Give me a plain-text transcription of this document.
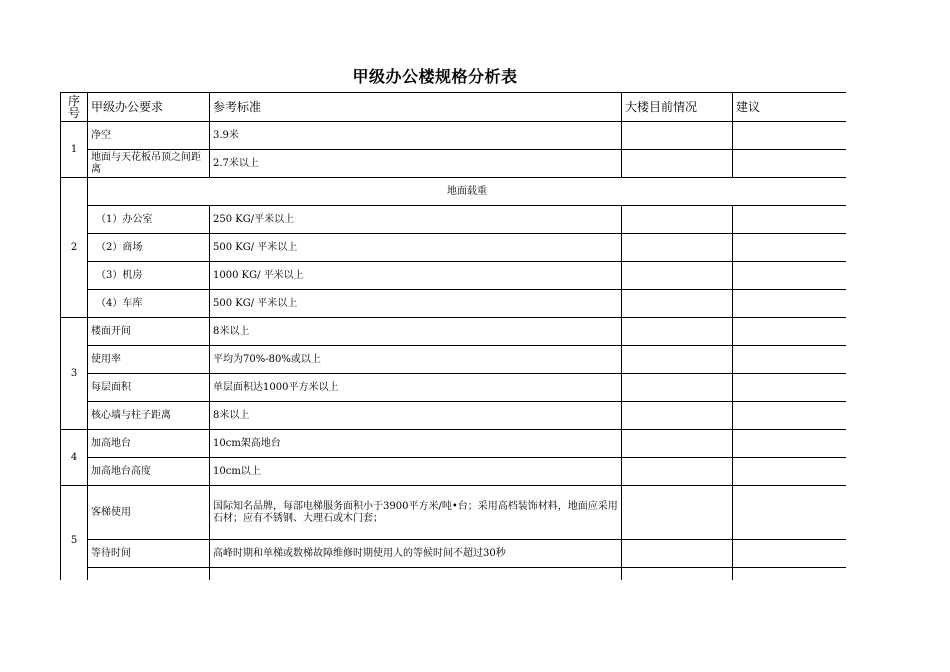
甲级办公楼规格分析表
序号	甲级办公要求	参考标准	大楼目前情况	建议
1	净空	3.9米		
	地面与天花板吊顶之间距离	2.7米以上		
2	地面载重			
	（1）办公室	250 KG/平米以上		
	（2）商场	500 KG/ 平米以上		
	（3）机房	1000 KG/ 平米以上		
	（4）车库	500 KG/ 平米以上		
3	楼面开间	8米以上		
	使用率	平均为70%-80%或以上		
	每层面积	单层面积达1000平方米以上		
	核心墙与柱子距离	8米以上		
4	加高地台	10cm架高地台		
	加高地台高度	10cm以上		
5	客梯使用	国际知名品牌，每部电梯服务面积小于3900平方米/吨•台；采用高档装饰材料，地面应采用石材；应有不锈钢、大理石或木门套；		
	等待时间	高峰时期和单梯或数梯故障维修时期使用人的等候时间不超过30秒		
